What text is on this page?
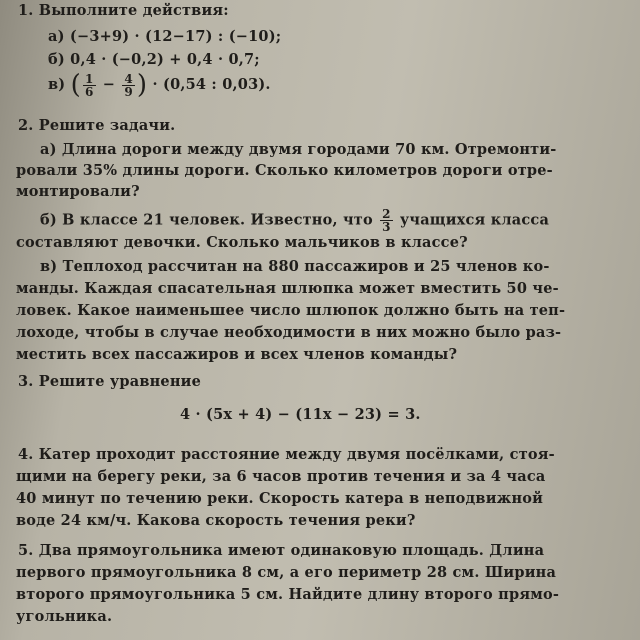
1. Выполните действия:
а) (−3+9) · (12−17) : (−10);
б) 0,4 · (−0,2) + 0,4 · 0,7;
в) ( $\frac{1}{6} - \frac{4}{9}$ ) · (0,54 : 0,03).
2. Решите задачи.
а) Длина дороги между двумя городами 70 км. Отремонти-
ровали 35% длины дороги. Сколько километров дороги отре-
монтировали?
б) В классе 21 человек. Известно, что $\frac{2}{3}$ учащихся класса
составляют девочки. Сколько мальчиков в классе?
в) Теплоход рассчитан на 880 пассажиров и 25 членов ко-
манды. Каждая спасательная шлюпка может вместить 50 че-
ловек. Какое наименьшее число шлюпок должно быть на теп-
лоходе, чтобы в случае необходимости в них можно было раз-
местить всех пассажиров и всех членов команды?
3. Решите уравнение
4 · (5x + 4) − (11x − 23) = 3.
4. Катер проходит расстояние между двумя посёлками, стоя-
щими на берегу реки, за 6 часов против течения и за 4 часа
40 минут по течению реки. Скорость катера в неподвижной
воде 24 км/ч. Какова скорость течения реки?
5. Два прямоугольника имеют одинаковую площадь. Длина
первого прямоугольника 8 см, а его периметр 28 см. Ширина
второго прямоугольника 5 см. Найдите длину второго прямо-
угольника.
